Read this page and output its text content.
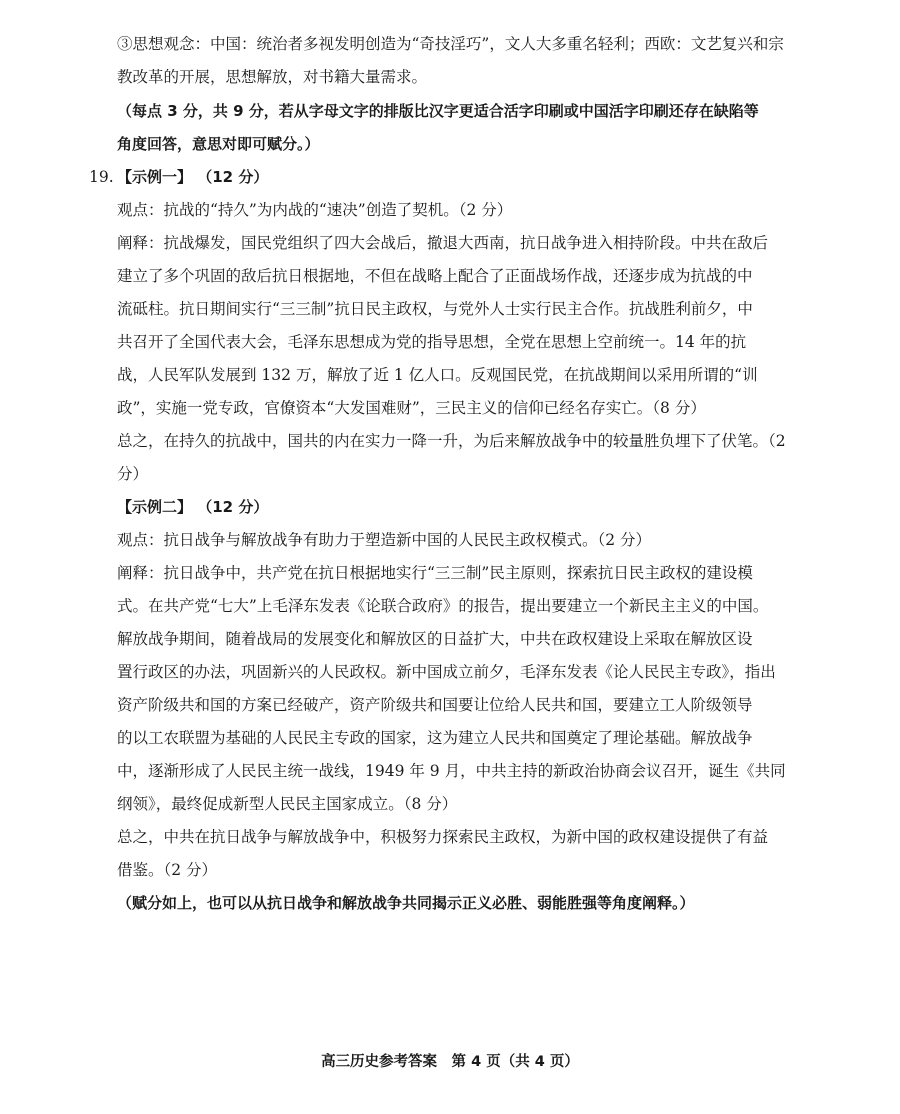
③思想观念：中国：统治者多视发明创造为“奇技淫巧”，文人大多重名轻利；西欧：文艺复兴和宗
教改革的开展，思想解放，对书籍大量需求。
（每点 3 分，共 9 分，若从字母文字的排版比汉字更适合活字印刷或中国活字印刷还存在缺陷等
角度回答，意思对即可赋分。）
19. 【示例一】 （12 分）
观点：抗战的“持久”为内战的“速决”创造了契机。（2 分）
阐释：抗战爆发，国民党组织了四大会战后，撤退大西南，抗日战争进入相持阶段。中共在敌后
建立了多个巩固的敌后抗日根据地，不但在战略上配合了正面战场作战，还逐步成为抗战的中
流砥柱。抗日期间实行“三三制”抗日民主政权，与党外人士实行民主合作。抗战胜利前夕，中
共召开了全国代表大会，毛泽东思想成为党的指导思想，全党在思想上空前统一。14 年的抗
战，人民军队发展到 132 万，解放了近 1 亿人口。反观国民党，在抗战期间以采用所谓的“训
政”，实施一党专政，官僚资本“大发国难财”，三民主义的信仰已经名存实亡。（8 分）
总之，在持久的抗战中，国共的内在实力一降一升，为后来解放战争中的较量胜负埋下了伏笔。（2
分）
【示例二】 （12 分）
观点：抗日战争与解放战争有助力于塑造新中国的人民民主政权模式。（2 分）
阐释：抗日战争中，共产党在抗日根据地实行“三三制”民主原则，探索抗日民主政权的建设模
式。在共产党“七大”上毛泽东发表《论联合政府》的报告，提出要建立一个新民主主义的中国。
解放战争期间，随着战局的发展变化和解放区的日益扩大，中共在政权建设上采取在解放区设
置行政区的办法，巩固新兴的人民政权。新中国成立前夕，毛泽东发表《论人民民主专政》，指出
资产阶级共和国的方案已经破产，资产阶级共和国要让位给人民共和国，要建立工人阶级领导
的以工农联盟为基础的人民民主专政的国家，这为建立人民共和国奠定了理论基础。解放战争
中，逐渐形成了人民民主统一战线，1949 年 9 月，中共主持的新政治协商会议召开，诞生《共同
纲领》，最终促成新型人民民主国家成立。（8 分）
总之，中共在抗日战争与解放战争中，积极努力探索民主政权，为新中国的政权建设提供了有益
借鉴。（2 分）
（赋分如上，也可以从抗日战争和解放战争共同揭示正义必胜、弱能胜强等角度阐释。）
高三历史参考答案　第 4 页（共 4 页）
